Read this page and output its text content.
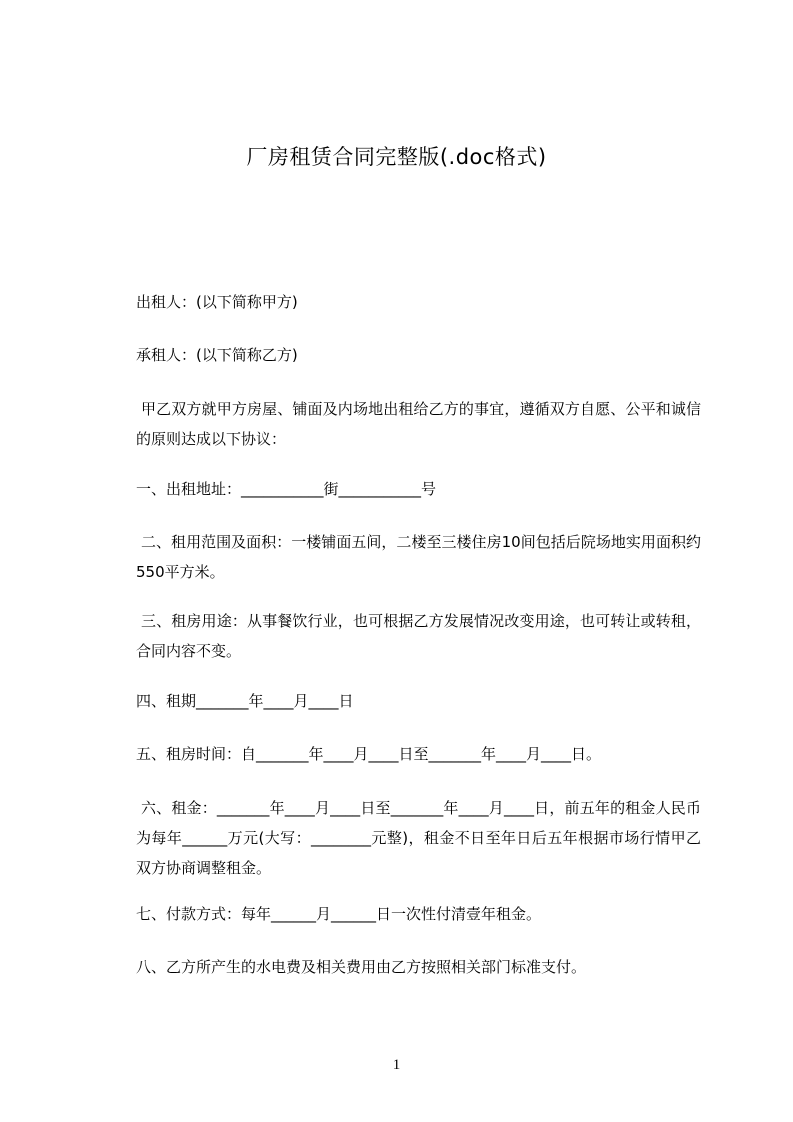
厂房租赁合同完整版(.doc格式)
出租人：(以下简称甲方)
承租人：(以下简称乙方)
甲乙双方就甲方房屋、铺面及内场地出租给乙方的事宜，遵循双方自愿、公平和诚信的原则达成以下协议：
一、出租地址：___________街___________号
二、租用范围及面积：一楼铺面五间，二楼至三楼住房10间包括后院场地实用面积约550平方米。
三、租房用途：从事餐饮行业，也可根据乙方发展情况改变用途，也可转让或转租，合同内容不变。
四、租期_______年____月____日
五、租房时间：自_______年____月____日至_______年____月____日。
六、租金：_______年____月____日至_______年____月____日，前五年的租金人民币为每年______万元(大写：________元整)，租金不日至年日后五年根据市场行情甲乙双方协商调整租金。
七、付款方式：每年______月______日一次性付清壹年租金。
八、乙方所产生的水电费及相关费用由乙方按照相关部门标准支付。
1
